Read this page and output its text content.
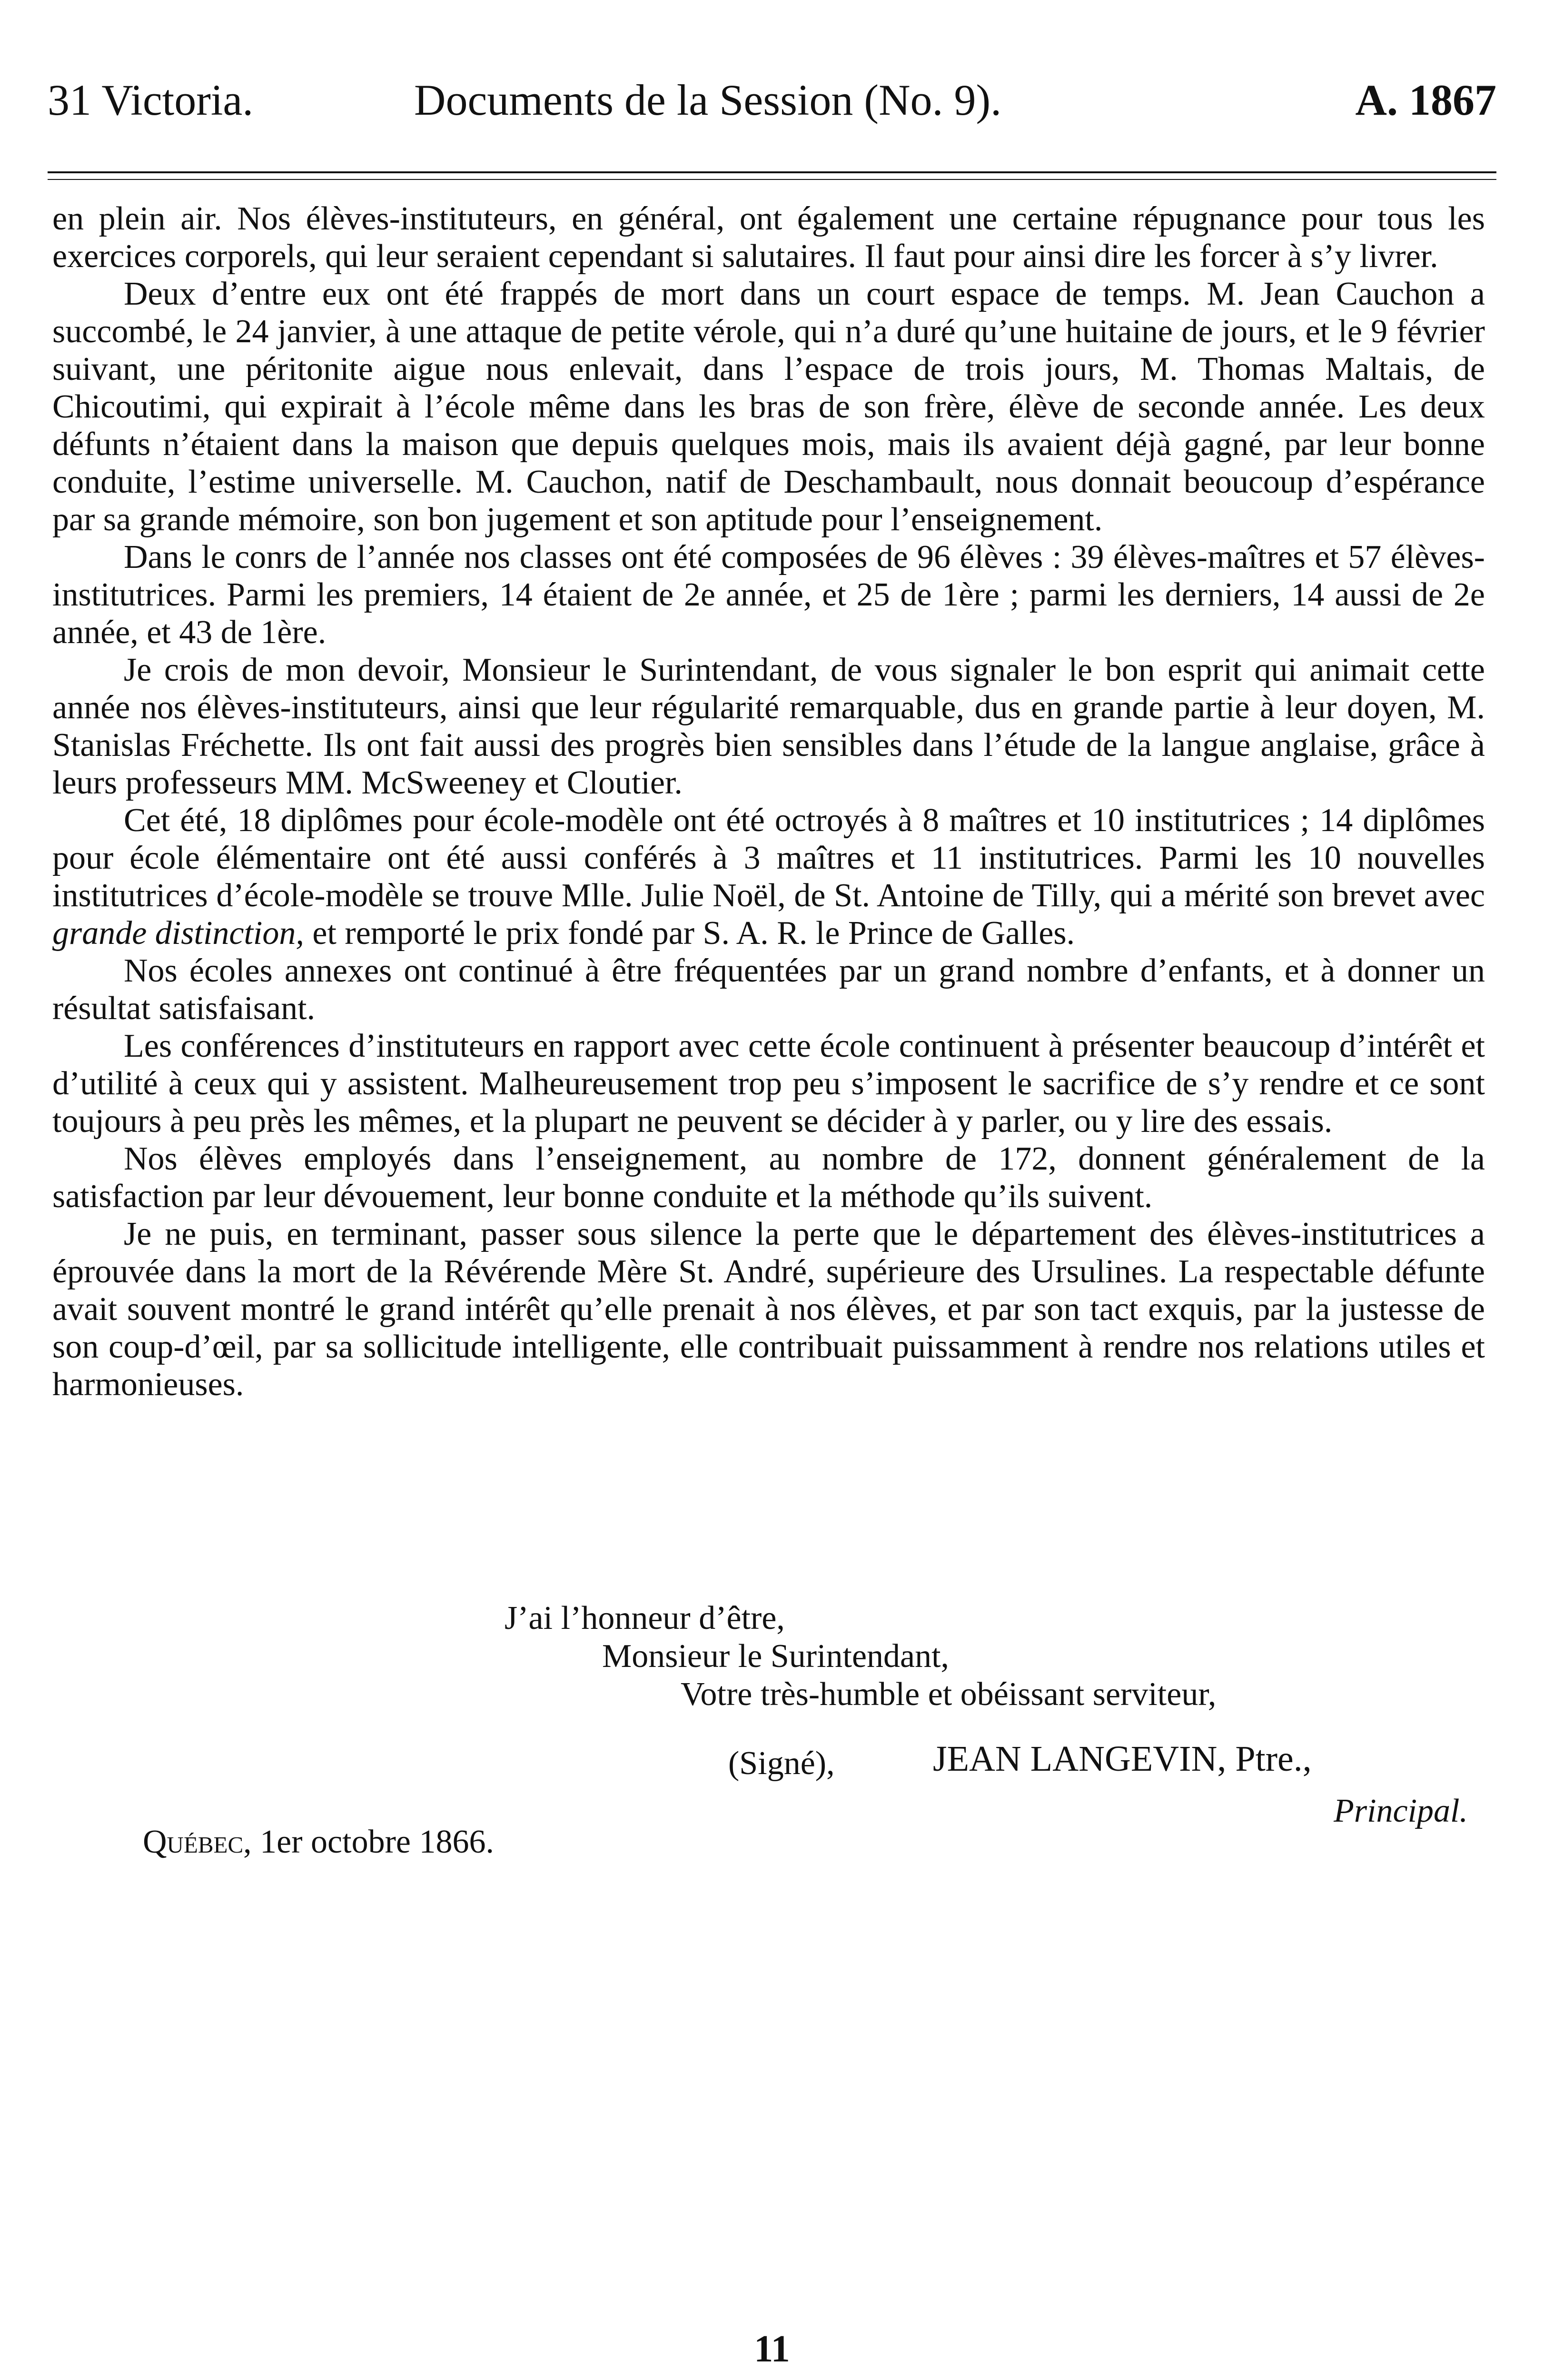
31 Victoria.	Documents de la Session (No. 9).	A. 1867

en plein air. Nos élèves-instituteurs, en général, ont également une certaine répugnance pour tous les exercices corporels, qui leur seraient cependant si salutaires. Il faut pour ainsi dire les forcer à s’y livrer.

Deux d’entre eux ont été frappés de mort dans un court espace de temps. M. Jean Cauchon a succombé, le 24 janvier, à une attaque de petite vérole, qui n’a duré qu’une huitaine de jours, et le 9 février suivant, une péritonite aigue nous enlevait, dans l’espace de trois jours, M. Thomas Maltais, de Chicoutimi, qui expirait à l’école même dans les bras de son frère, élève de seconde année. Les deux défunts n’étaient dans la maison que depuis quelques mois, mais ils avaient déjà gagné, par leur bonne conduite, l’estime universelle. M. Cauchon, natif de Deschambault, nous donnait beoucoup d’espérance par sa grande mémoire, son bon jugement et son aptitude pour l’enseignement.

Dans le conrs de l’année nos classes ont été composées de 96 élèves : 39 élèves-maîtres et 57 élèves-institutrices. Parmi les premiers, 14 étaient de 2e année, et 25 de 1ère ; parmi les derniers, 14 aussi de 2e année, et 43 de 1ère.

Je crois de mon devoir, Monsieur le Surintendant, de vous signaler le bon esprit qui animait cette année nos élèves-instituteurs, ainsi que leur régularité remarquable, dus en grande partie à leur doyen, M. Stanislas Fréchette. Ils ont fait aussi des progrès bien sensibles dans l’étude de la langue anglaise, grâce à leurs professeurs MM. McSweeney et Cloutier.

Cet été, 18 diplômes pour école-modèle ont été octroyés à 8 maîtres et 10 institutrices ; 14 diplômes pour école élémentaire ont été aussi conférés à 3 maîtres et 11 institutrices. Parmi les 10 nouvelles institutrices d’école-modèle se trouve Mlle. Julie Noël, de St. Antoine de Tilly, qui a mérité son brevet avec grande distinction, et remporté le prix fondé par S. A. R. le Prince de Galles.

Nos écoles annexes ont continué à être fréquentées par un grand nombre d’enfants, et à donner un résultat satisfaisant.

Les conférences d’instituteurs en rapport avec cette école continuent à présenter beaucoup d’intérêt et d’utilité à ceux qui y assistent. Malheureusement trop peu s’imposent le sacrifice de s’y rendre et ce sont toujours à peu près les mêmes, et la plupart ne peuvent se décider à y parler, ou y lire des essais.

Nos élèves employés dans l’enseignement, au nombre de 172, donnent généralement de la satisfaction par leur dévouement, leur bonne conduite et la méthode qu’ils suivent.

Je ne puis, en terminant, passer sous silence la perte que le département des élèves-institutrices a éprouvée dans la mort de la Révérende Mère St. André, supérieure des Ursulines. La respectable défunte avait souvent montré le grand intérêt qu’elle prenait à nos élèves, et par son tact exquis, par la justesse de son coup-d’œil, par sa sollicitude intelligente, elle contribuait puissamment à rendre nos relations utiles et harmonieuses.

J’ai l’honneur d’être,
Monsieur le Surintendant,
Votre très-humble et obéissant serviteur,
(Signé),	JEAN LANGEVIN, Ptre.,
Principal.
Québec, 1er octobre 1866.
11
